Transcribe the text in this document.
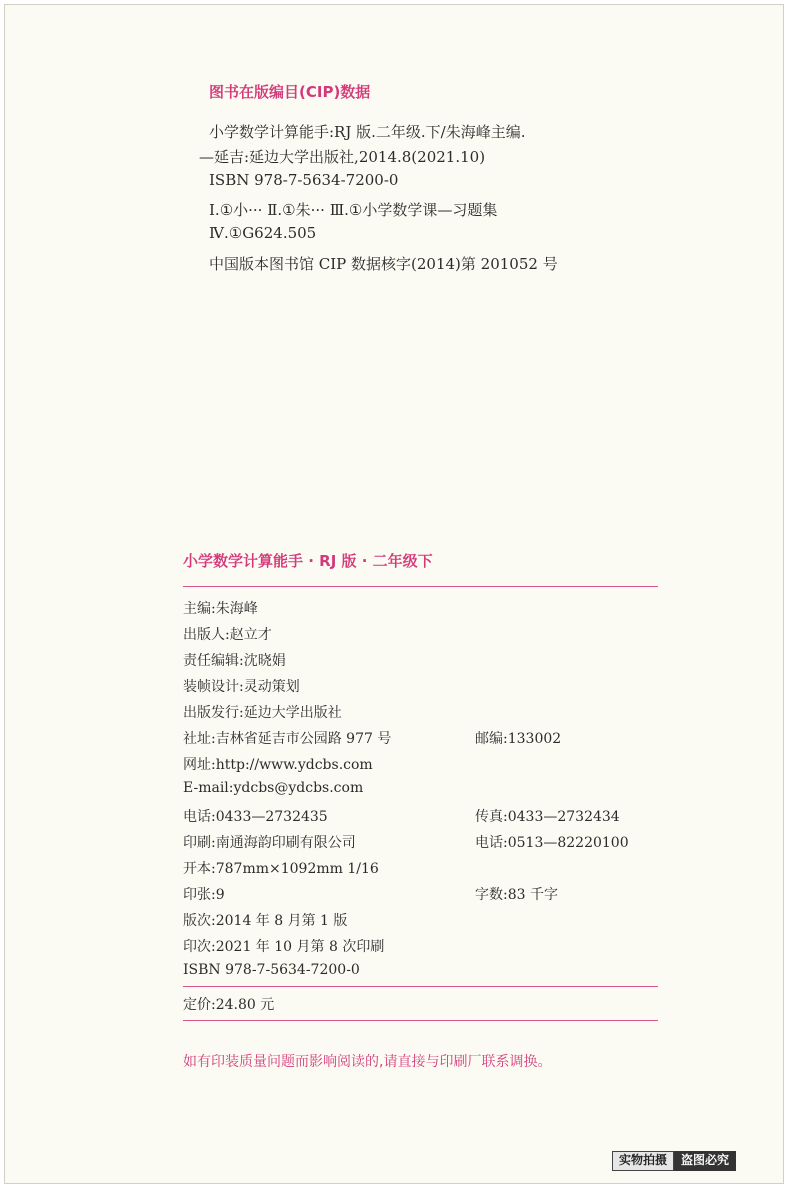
图书在版编目(CIP)数据
小学数学计算能手:RJ 版.二年级.下/朱海峰主编.
—延吉:延边大学出版社,2014.8(2021.10)
ISBN 978-7-5634-7200-0
Ⅰ.①小··· Ⅱ.①朱··· Ⅲ.①小学数学课—习题集
Ⅳ.①G624.505
中国版本图书馆 CIP 数据核字(2014)第 201052 号
小学数学计算能手 · RJ 版 · 二年级下
主编:朱海峰
出版人:赵立才
责任编辑:沈晓娟
装帧设计:灵动策划
出版发行:延边大学出版社
社址:吉林省延吉市公园路 977 号	邮编:133002
网址:http://www.ydcbs.com
E-mail:ydcbs@ydcbs.com
电话:0433—2732435	传真:0433—2732434
印刷:南通海韵印刷有限公司	电话:0513—82220100
开本:787mm×1092mm 1/16
印张:9	字数:83 千字
版次:2014 年 8 月第 1 版
印次:2021 年 10 月第 8 次印刷
ISBN 978-7-5634-7200-0
定价:24.80 元
如有印装质量问题而影响阅读的,请直接与印刷厂联系调换。
实物拍摄	盗图必究
